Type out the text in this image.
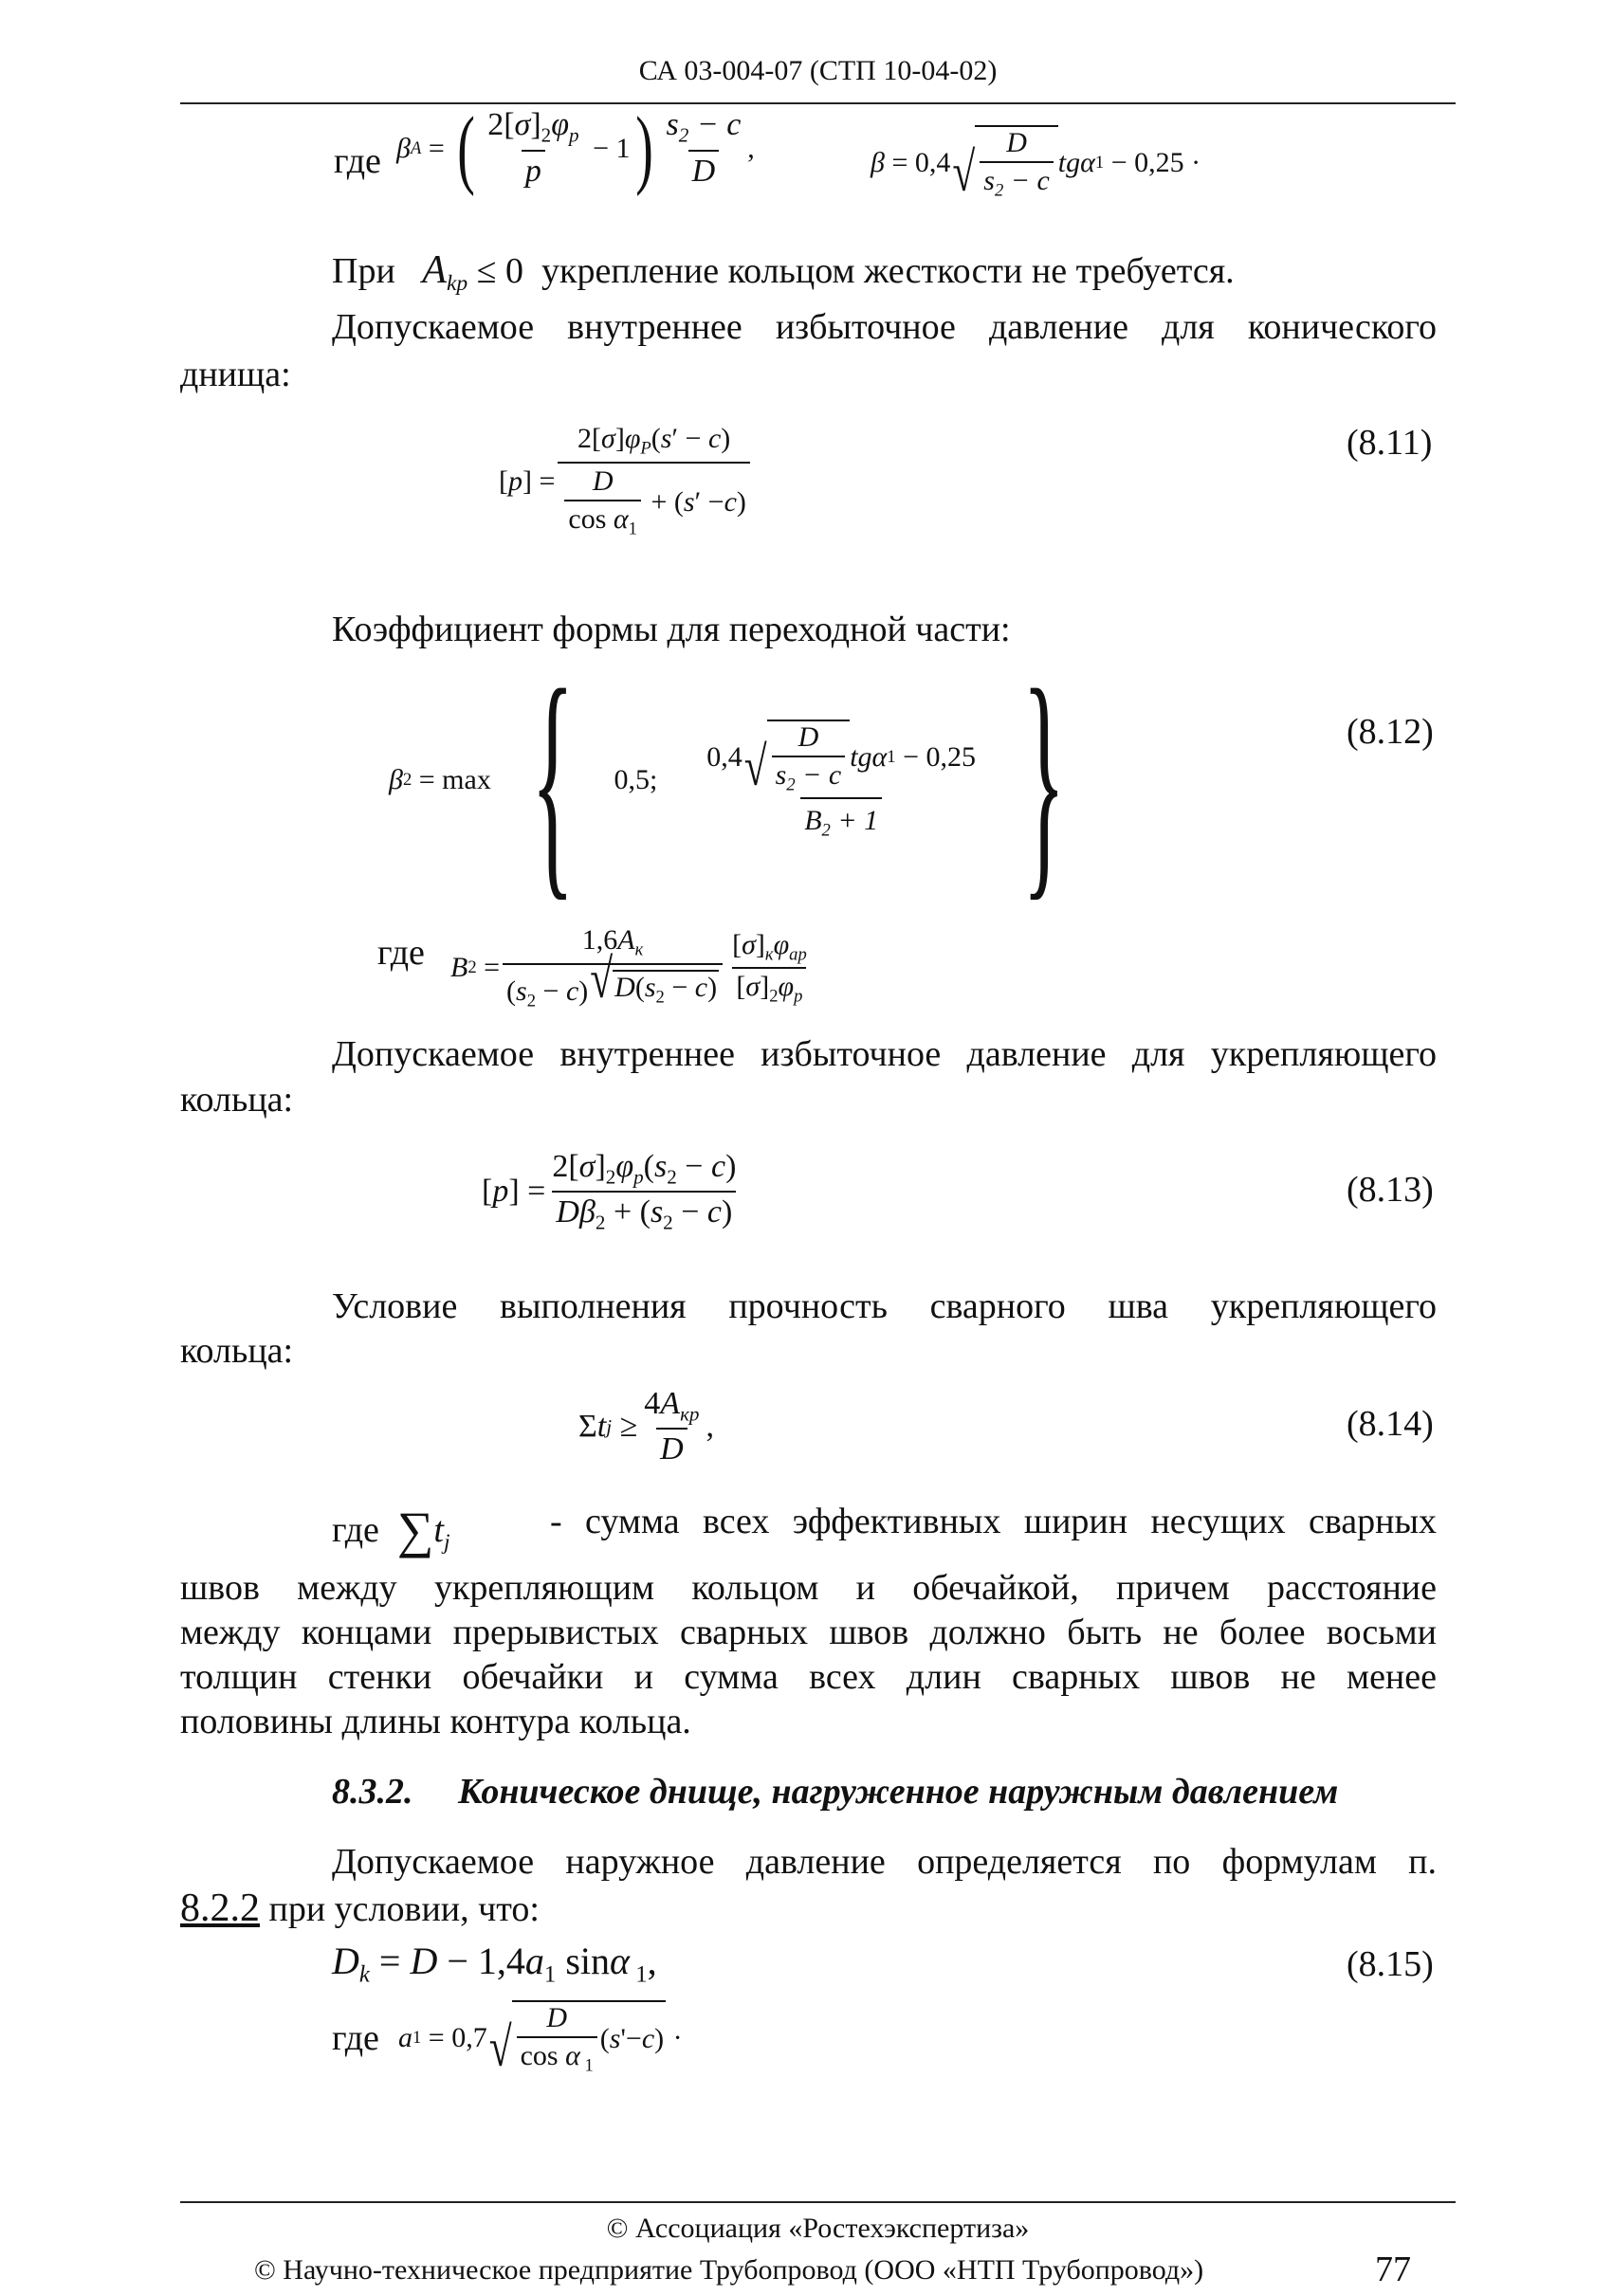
СА 03-004-07 (СТП 10-04-02)
где β A = ( $\frac{2[\sigma]_2\varphi_p}{p} - 1$ ) $\frac{s_2 - c}{D}$ ,	β = 0,4 √ $\frac{D}{s_2 - c}$ tgα 1 − 0,25 ·
При $A_{kp} \le 0$ укрепление кольцом жесткости не требуется.
Допускаемое внутреннее избыточное давление для конического
днища:
[ p ] = $\frac{2[\sigma]\varphi_P(s' - c)}{\frac{D}{\cos \alpha_1} + ( s ' - c )}$	(8.11)
Коэффициент формы для переходной части:
β 2 = max { 0,5;
$\frac{0,4 √ \frac{D}{s_2 - c} tg\alpha 1 - 0,25}{B_2 + 1}$ }	(8.12)
где B $2 = \frac{1,6A_к}{(s_2 - c) √ D(s_2 - c)} \frac{[\sigma]_к\varphi_{ap}}{[\sigma]_2\varphi_p}$
Допускаемое внутреннее избыточное давление для укрепляющего
кольца:
[ p ] = $\frac{2[\sigma]_2\varphi_p(s_2 - c)}{D\beta_2 + (s_2 - c)}$	(8.13)
Условие выполнения прочность сварного шва укрепляющего
кольца:
Σ t $j \ge \frac{4A_{кр}}{D}$ ,	(8.14)
где $\sum t_j$
- сумма всех эффективных ширин несущих сварных
швов между укрепляющим кольцом и обечайкой, причем расстояние
между концами прерывистых сварных швов должно быть не более восьми
толщин стенки обечайки и сумма всех длин сварных швов не менее
половины длины контура кольца.
8.3.2. Коническое днище, нагруженное наружным давлением
Допускаемое наружное давление определяется по формулам п.
8.2.2 при условии, что:
$D_k = D - 1,4a_1$ sinα $_1$,	(8.15)
где a 1 = 0,7 √ $\frac{D}{\cos \alpha _1}$ ( s '− c ) ·
© Ассоциация «Ростехэкспертиза»
© Научно-техническое предприятие Трубопровод (ООО «НТП Трубопровод»)	77
